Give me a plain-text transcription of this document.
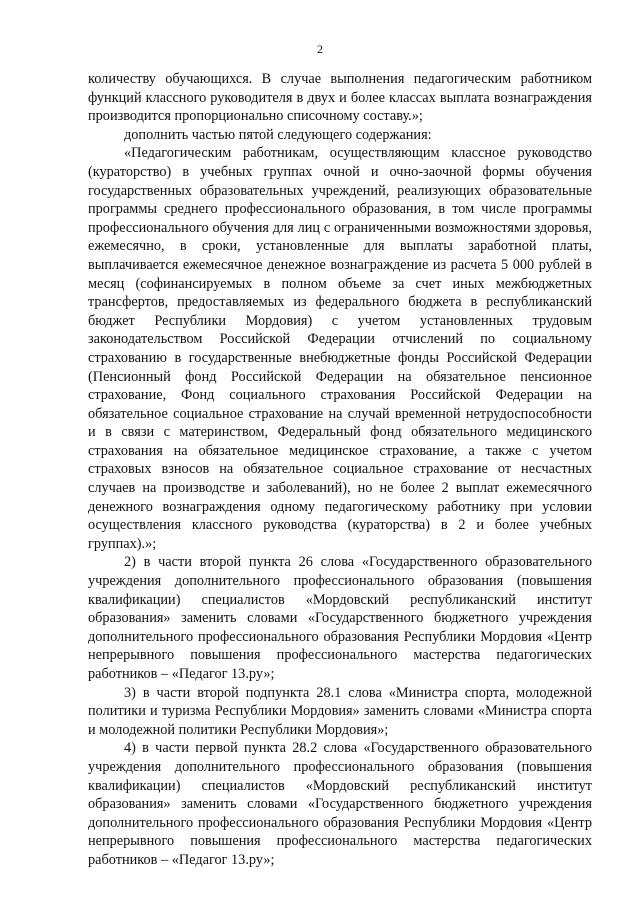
2

количеству обучающихся. В случае выполнения педагогическим работником функций классного руководителя в двух и более классах выплата вознаграждения производится пропорционально списочному составу.»;

дополнить частью пятой следующего содержания:

«Педагогическим работникам, осуществляющим классное руководство (кураторство) в учебных группах очной и очно-заочной формы обучения государственных образовательных учреждений, реализующих образовательные программы среднего профессионального образования, в том числе программы профессионального обучения для лиц с ограниченными возможностями здоровья, ежемесячно, в сроки, установленные для выплаты заработной платы, выплачивается ежемесячное денежное вознаграждение из расчета 5 000 рублей в месяц (софинансируемых в полном объеме за счет иных межбюджетных трансфертов, предоставляемых из федерального бюджета в республиканский бюджет Республики Мордовия) с учетом установленных трудовым законодательством Российской Федерации отчислений по социальному страхованию в государственные внебюджетные фонды Российской Федерации (Пенсионный фонд Российской Федерации на обязательное пенсионное страхование, Фонд социального страхования Российской Федерации на обязательное социальное страхование на случай временной нетрудоспособности и в связи с материнством, Федеральный фонд обязательного медицинского страхования на обязательное медицинское страхование, а также с учетом страховых взносов на обязательное социальное страхование от несчастных случаев на производстве и заболеваний), но не более 2 выплат ежемесячного денежного вознаграждения одному педагогическому работнику при условии осуществления классного руководства (кураторства) в 2 и более учебных группах).»;

2) в части второй пункта 26 слова «Государственного образовательного учреждения дополнительного профессионального образования (повышения квалификации) специалистов «Мордовский республиканский институт образования» заменить словами «Государственного бюджетного учреждения дополнительного профессионального образования Республики Мордовия «Центр непрерывного повышения профессионального мастерства педагогических работников – «Педагог 13.ру»;

3) в части второй подпункта 28.1 слова «Министра спорта, молодежной политики и туризма Республики Мордовия» заменить словами «Министра спорта и молодежной политики Республики Мордовия»;

4) в части первой пункта 28.2 слова «Государственного образовательного учреждения дополнительного профессионального образования (повышения квалификации) специалистов «Мордовский республиканский институт образования» заменить словами «Государственного бюджетного учреждения дополнительного профессионального образования Республики Мордовия «Центр непрерывного повышения профессионального мастерства педагогических работников – «Педагог 13.ру»;
